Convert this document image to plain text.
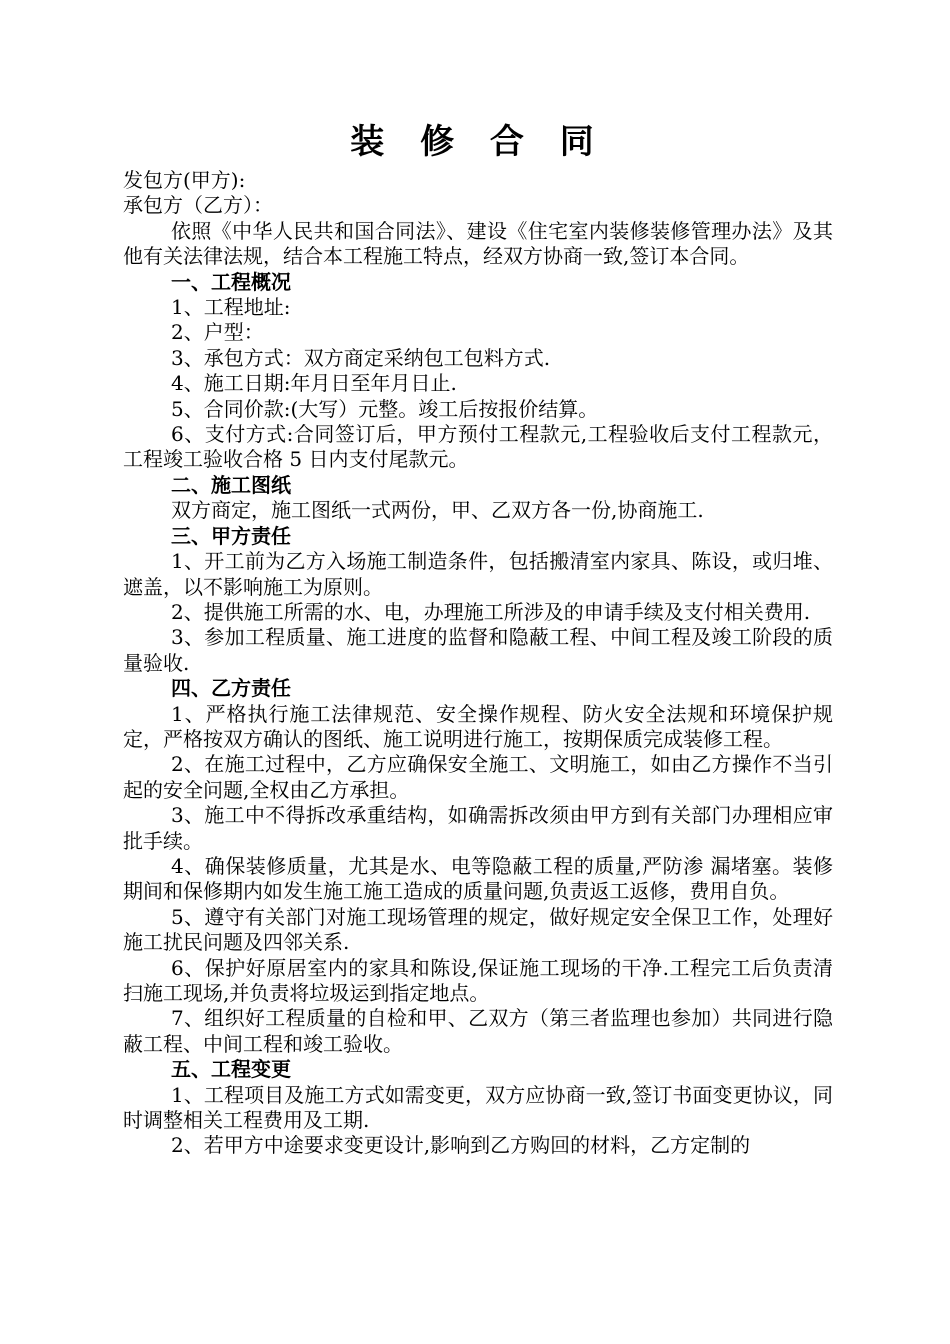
装 修 合 同

发包方(甲方):

承包方（乙方）：

依照《中华人民共和国合同法》、建设《住宅室内装修装修管理办法》及其他有关法律法规，结合本工程施工特点，经双方协商一致,签订本合同。

一、工程概况

1、工程地址:

2、户型：

3、承包方式：双方商定采纳包工包料方式.

4、施工日期:年月日至年月日止.

5、合同价款:(大写）元整。竣工后按报价结算。

6、支付方式:合同签订后，甲方预付工程款元,工程验收后支付工程款元，工程竣工验收合格 5 日内支付尾款元。

二、施工图纸

双方商定，施工图纸一式两份，甲、乙双方各一份,协商施工.

三、甲方责任

1、开工前为乙方入场施工制造条件，包括搬清室内家具、陈设，或归堆、遮盖，以不影响施工为原则。

2、提供施工所需的水、电，办理施工所涉及的申请手续及支付相关费用.

3、参加工程质量、施工进度的监督和隐蔽工程、中间工程及竣工阶段的质量验收.

四、乙方责任

1、严格执行施工法律规范、安全操作规程、防火安全法规和环境保护规定，严格按双方确认的图纸、施工说明进行施工，按期保质完成装修工程。

2、在施工过程中，乙方应确保安全施工、文明施工，如由乙方操作不当引起的安全问题,全权由乙方承担。

3、施工中不得拆改承重结构，如确需拆改须由甲方到有关部门办理相应审批手续。

4、确保装修质量，尤其是水、电等隐蔽工程的质量,严防渗 漏堵塞。装修期间和保修期内如发生施工施工造成的质量问题,负责返工返修，费用自负。

5、遵守有关部门对施工现场管理的规定，做好规定安全保卫工作，处理好施工扰民问题及四邻关系.

6、保护好原居室内的家具和陈设,保证施工现场的干净.工程完工后负责清扫施工现场,并负责将垃圾运到指定地点。

7、组织好工程质量的自检和甲、乙双方（第三者监理也参加）共同进行隐蔽工程、中间工程和竣工验收。

五、工程变更

1、工程项目及施工方式如需变更，双方应协商一致,签订书面变更协议，同时调整相关工程费用及工期.

2、若甲方中途要求变更设计,影响到乙方购回的材料，乙方定制的
